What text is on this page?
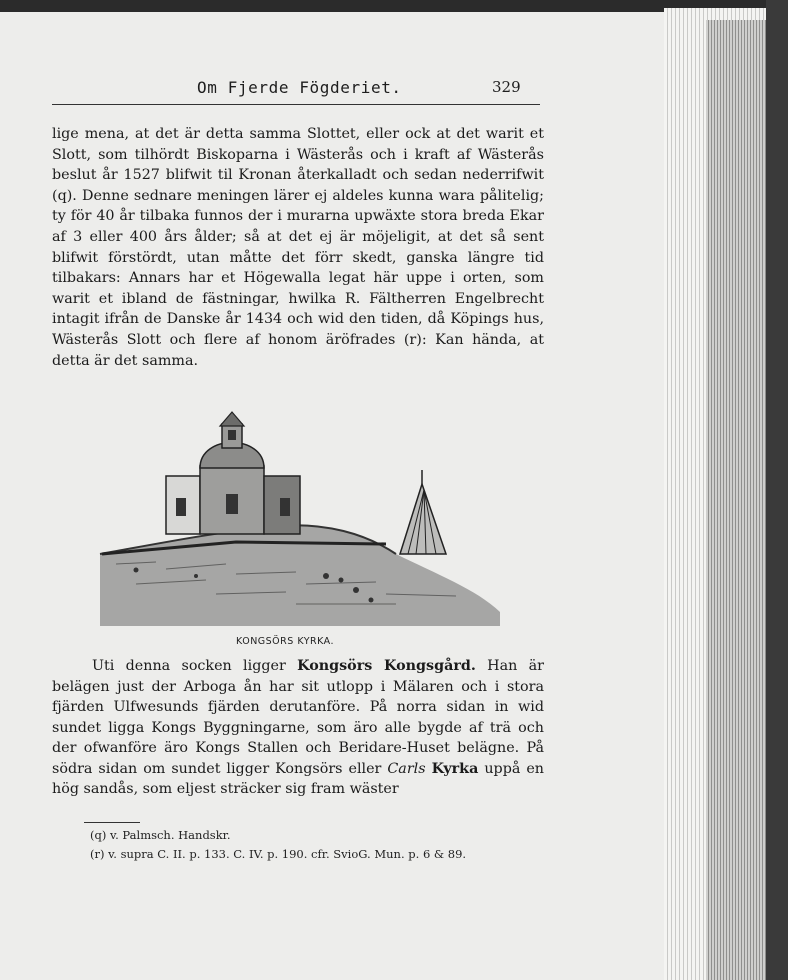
Om Fjerde Fögderiet.	329

lige mena, at det är detta samma Slottet, eller ock at det warit et Slott, som tilhördt Biskoparna i Wästerås och i kraft af Wästerås beslut år 1527 blifwit til Kronan återkalladt och sedan nederrifwit (q). Denne sednare meningen lärer ej aldeles kunna wara pålitelig; ty för 40 år tilbaka funnos der i murarna upwäxte stora breda Ekar af 3 eller 400 års ålder; så at det ej är möjeligit, at det så sent blifwit förstördt, utan måtte det förr skedt, ganska längre tid tilbakars: Annars har et Högewalla legat här uppe i orten, som warit et ibland de fästningar, hwilka R. Fältherren Engelbrecht intagit ifrån de Danske år 1434 och wid den tiden, då Köpings hus, Wästerås Slott och flere af honom äröfrades (r): Kan hända, at detta är det samma.

KONGSÖRS KYRKA.

Uti denna socken ligger Kongsörs Kongsgård. Han är belägen just der Arboga ån har sit utlopp i Mälaren och i stora fjärden Ulfwesunds fjärden derutanföre. På norra sidan in wid sundet ligga Kongs Byggningarne, som äro alle bygde af trä och der ofwanföre äro Kongs Stallen och Beridare-Huset belägne. På södra sidan om sundet ligger Kongsörs eller Carls Kyrka uppå en hög sandås, som eljest sträcker sig fram wäster

(q) v. Palmsch. Handskr.
(r) v. supra C. II. p. 133. C. IV. p. 190. cfr. SvioG. Mun. p. 6 & 89.
